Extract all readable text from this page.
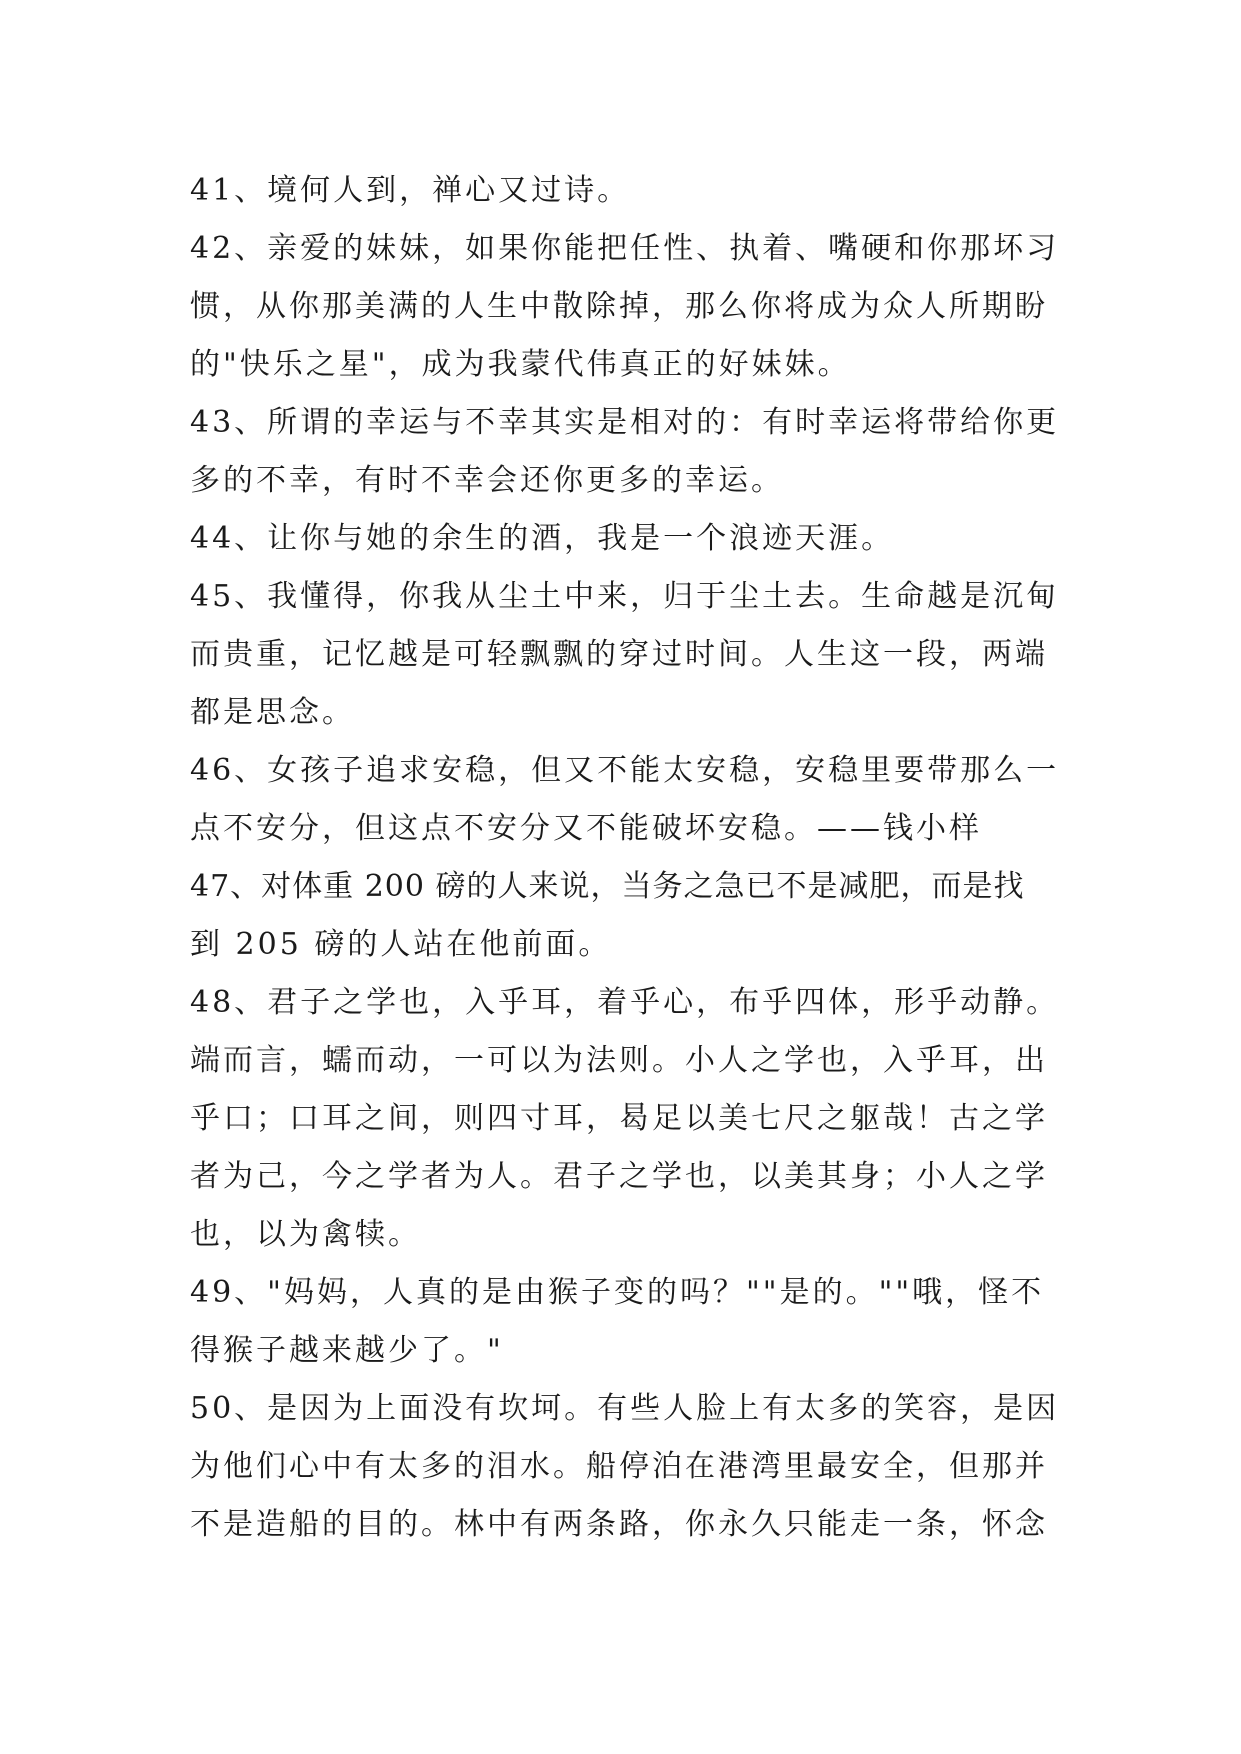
41、境何人到，禅心又过诗。
42、亲爱的妹妹，如果你能把任性、执着、嘴硬和你那坏习
惯，从你那美满的人生中散除掉，那么你将成为众人所期盼
的"快乐之星"，成为我蒙代伟真正的好妹妹。
43、所谓的幸运与不幸其实是相对的：有时幸运将带给你更
多的不幸，有时不幸会还你更多的幸运。
44、让你与她的余生的酒，我是一个浪迹天涯。
45、我懂得，你我从尘土中来，归于尘土去。生命越是沉甸
而贵重，记忆越是可轻飘飘的穿过时间。人生这一段，两端
都是思念。
46、女孩子追求安稳，但又不能太安稳，安稳里要带那么一
点不安分，但这点不安分又不能破坏安稳。——钱小样
47、对体重 200 磅的人来说，当务之急已不是减肥，而是找
到 205 磅的人站在他前面。
48、君子之学也，入乎耳，着乎心，布乎四体，形乎动静。
端而言，蠕而动，一可以为法则。小人之学也，入乎耳，出
乎口；口耳之间，则四寸耳，曷足以美七尺之躯哉！古之学
者为己，今之学者为人。君子之学也，以美其身；小人之学
也，以为禽犊。
49、"妈妈，人真的是由猴子变的吗？""是的。""哦，怪不
得猴子越来越少了。"
50、是因为上面没有坎坷。有些人脸上有太多的笑容，是因
为他们心中有太多的泪水。船停泊在港湾里最安全，但那并
不是造船的目的。林中有两条路，你永久只能走一条，怀念
